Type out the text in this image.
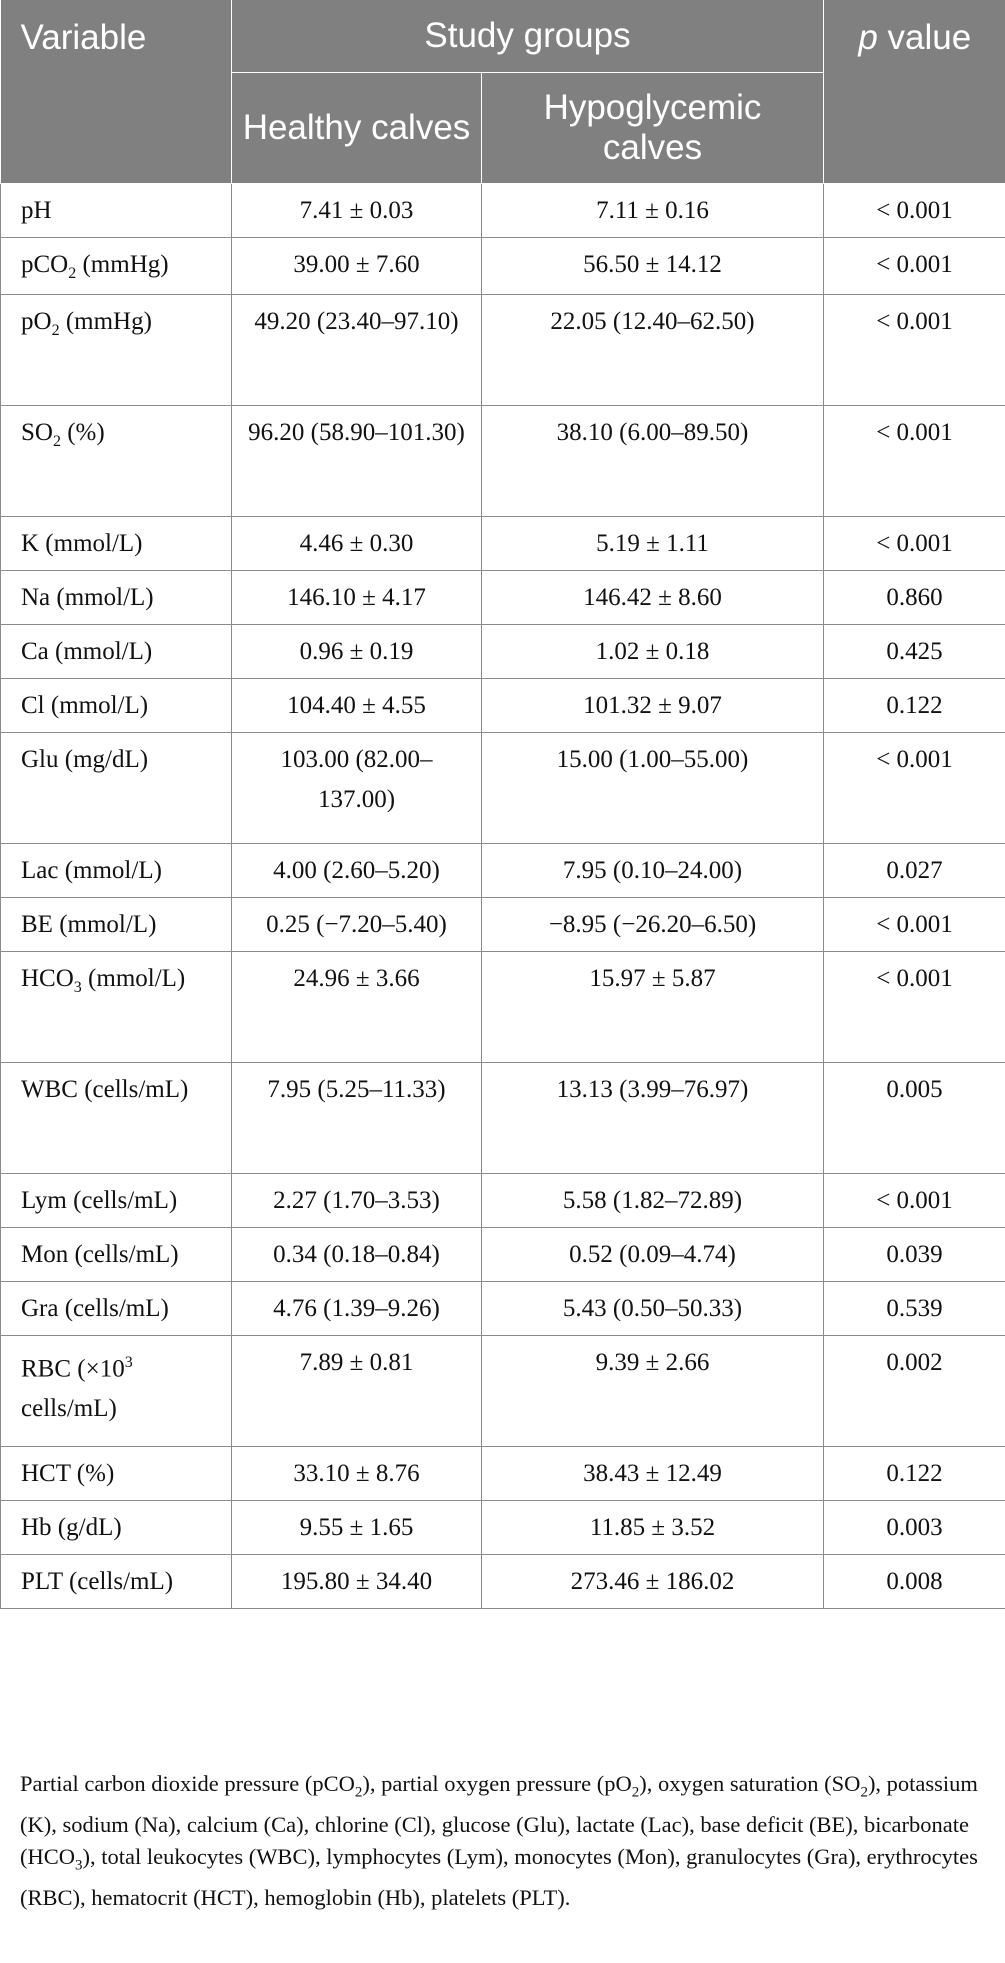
Variable	Study groups		p value
	Healthy calves	Hypoglycemic calves	
pH	7.41 ± 0.03	7.11 ± 0.16	< 0.001
pCO$_2$ (mmHg)	39.00 ± 7.60	56.50 ± 14.12	< 0.001
$pO_2$ (mmHg)	49.20 (23.40–97.10)	22.05 (12.40–62.50)	< 0.001
$SO_2$ (%)	96.20 (58.90–101.30)	38.10 (6.00–89.50)	< 0.001
K (mmol/L)	4.46 ± 0.30	5.19 ± 1.11	< 0.001
Na (mmol/L)	146.10 ± 4.17	146.42 ± 8.60	0.860
Ca (mmol/L)	0.96 ± 0.19	1.02 ± 0.18	0.425
Cl (mmol/L)	104.40 ± 4.55	101.32 ± 9.07	0.122
Glu (mg/dL)	103.00 (82.00–137.00)	15.00 (1.00–55.00)	< 0.001
Lac (mmol/L)	4.00 (2.60–5.20)	7.95 (0.10–24.00)	0.027
BE (mmol/L)	0.25 (−7.20–5.40)	−8.95 (−26.20–6.50)	< 0.001
$HCO_3$ (mmol/L)	24.96 ± 3.66	15.97 ± 5.87	< 0.001
WBC (cells/mL)	7.95 (5.25–11.33)	13.13 (3.99–76.97)	0.005
Lym (cells/mL)	2.27 (1.70–3.53)	5.58 (1.82–72.89)	< 0.001
Mon (cells/mL)	0.34 (0.18–0.84)	0.52 (0.09–4.74)	0.039
Gra (cells/mL)	4.76 (1.39–9.26)	5.43 (0.50–50.33)	0.539
RBC ($\times 10^3$ cells/mL)	7.89 ± 0.81	9.39 ± 2.66	0.002
HCT (%)	33.10 ± 8.76	38.43 ± 12.49	0.122
Hb (g/dL)	9.55 ± 1.65	11.85 ± 3.52	0.003
PLT (cells/mL)	195.80 ± 34.40	273.46 ± 186.02	0.008
Partial carbon dioxide pressure (pCO$_2$), partial oxygen pressure $(pO_2)$, oxygen saturation $(SO_2)$, potassium (K), sodium (Na), calcium (Ca), chlorine (Cl), glucose (Glu), lactate (Lac), base deficit (BE), bicarbonate $(HCO_3)$, total leukocytes (WBC), lymphocytes (Lym), monocytes (Mon), granulocytes (Gra), erythrocytes (RBC), hematocrit (HCT), hemoglobin (Hb), platelets (PLT).
